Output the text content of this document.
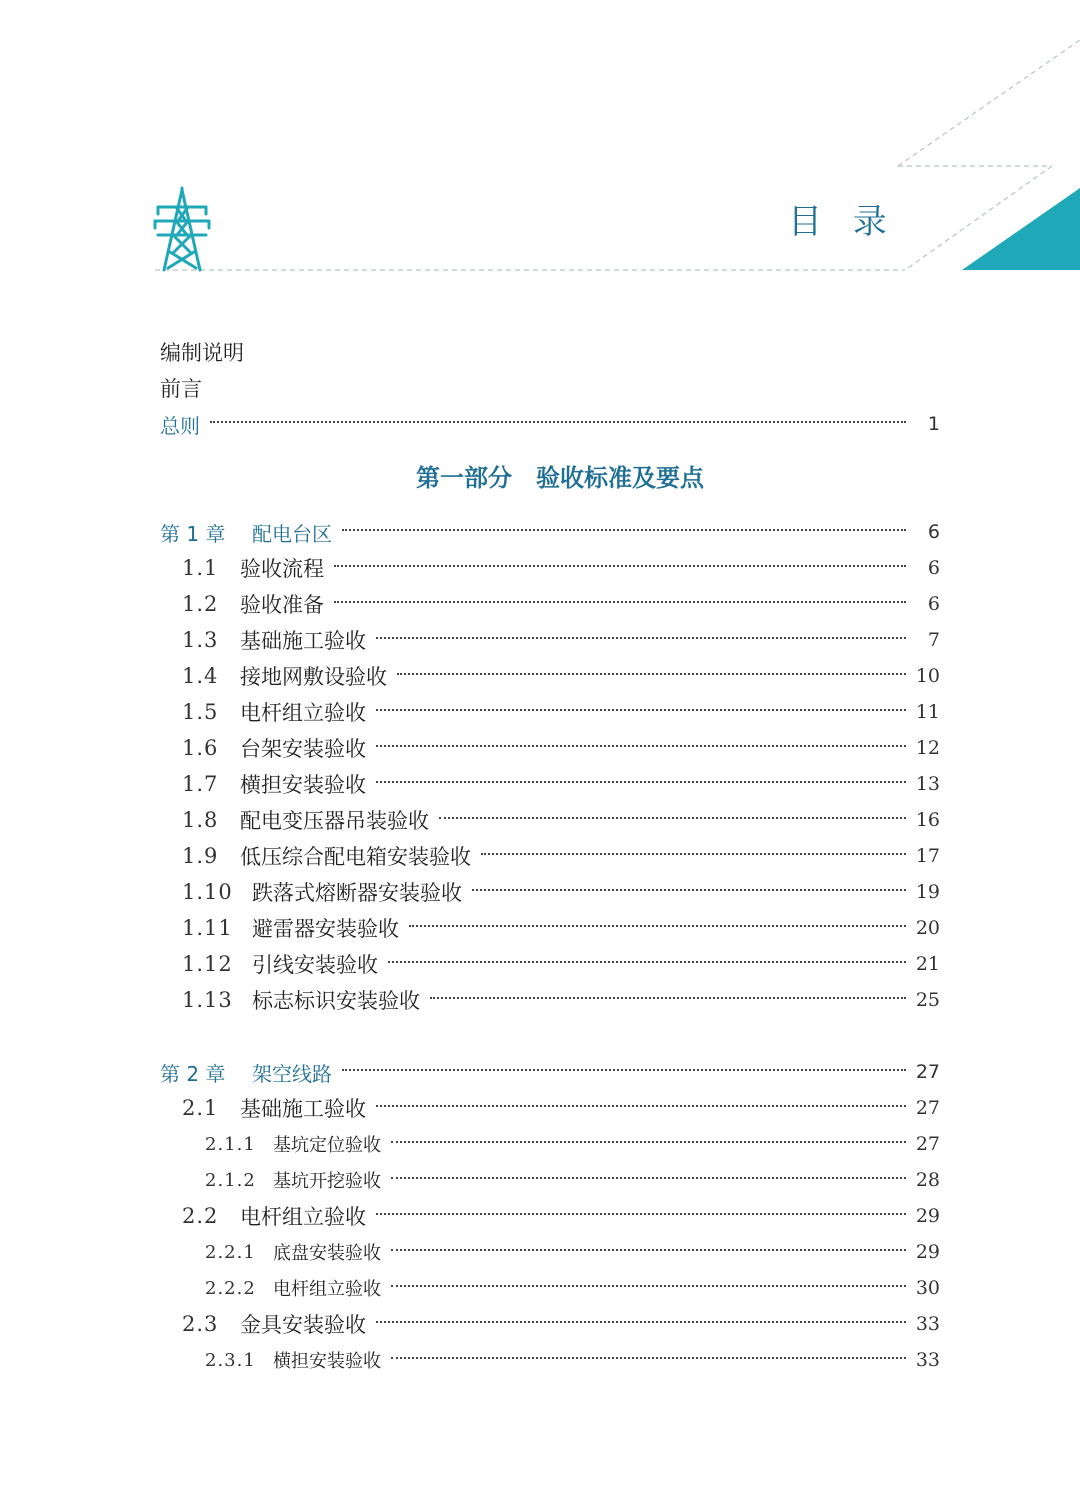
目 录
编制说明
前言
总则	1
第一部分　验收标准及要点
第 1 章	配电台区	6
1.1	验收流程	6
1.2	验收准备	6
1.3	基础施工验收	7
1.4	接地网敷设验收	10
1.5	电杆组立验收	11
1.6	台架安装验收	12
1.7	横担安装验收	13
1.8	配电变压器吊装验收	16
1.9	低压综合配电箱安装验收	17
1.10 跌落式熔断器安装验收	19
1.11 避雷器安装验收	20
1.12 引线安装验收	21
1.13 标志标识安装验收	25
第 2 章	架空线路	27
2.1	基础施工验收	27
2.1.1 基坑定位验收	27
2.1.2 基坑开挖验收	28
2.2	电杆组立验收	29
2.2.1 底盘安装验收	29
2.2.2 电杆组立验收	30
2.3	金具安装验收	33
2.3.1 横担安装验收	33
